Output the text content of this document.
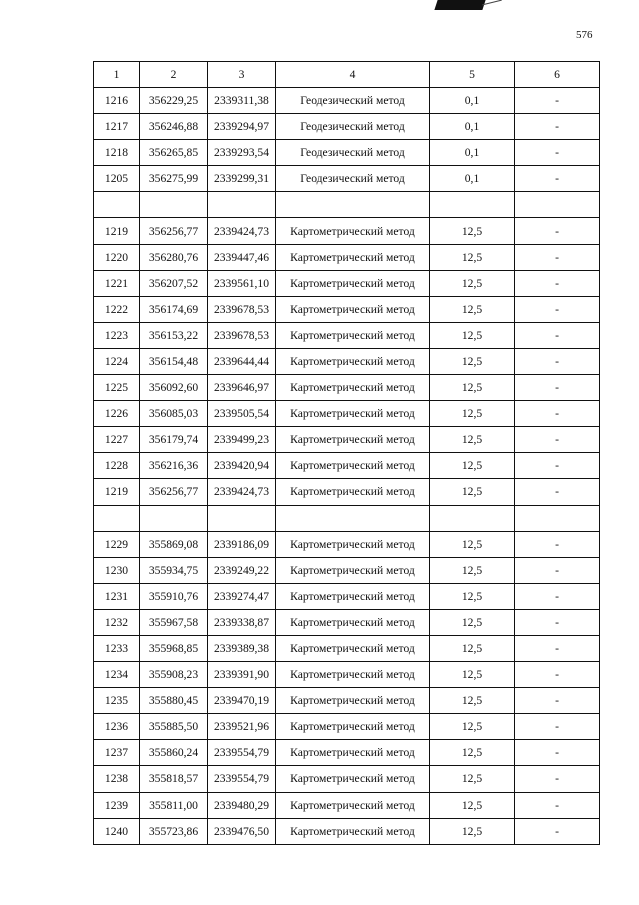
576
1	2	3	4	5	6
1216	356229,25	2339311,38	Геодезический метод	0,1	-
1217	356246,88	2339294,97	Геодезический метод	0,1	-
1218	356265,85	2339293,54	Геодезический метод	0,1	-
1205	356275,99	2339299,31	Геодезический метод	0,1	-

1219	356256,77	2339424,73	Картометрический метод	12,5	-
1220	356280,76	2339447,46	Картометрический метод	12,5	-
1221	356207,52	2339561,10	Картометрический метод	12,5	-
1222	356174,69	2339678,53	Картометрический метод	12,5	-
1223	356153,22	2339678,53	Картометрический метод	12,5	-
1224	356154,48	2339644,44	Картометрический метод	12,5	-
1225	356092,60	2339646,97	Картометрический метод	12,5	-
1226	356085,03	2339505,54	Картометрический метод	12,5	-
1227	356179,74	2339499,23	Картометрический метод	12,5	-
1228	356216,36	2339420,94	Картометрический метод	12,5	-
1219	356256,77	2339424,73	Картометрический метод	12,5	-

1229	355869,08	2339186,09	Картометрический метод	12,5	-
1230	355934,75	2339249,22	Картометрический метод	12,5	-
1231	355910,76	2339274,47	Картометрический метод	12,5	-
1232	355967,58	2339338,87	Картометрический метод	12,5	-
1233	355968,85	2339389,38	Картометрический метод	12,5	-
1234	355908,23	2339391,90	Картометрический метод	12,5	-
1235	355880,45	2339470,19	Картометрический метод	12,5	-
1236	355885,50	2339521,96	Картометрический метод	12,5	-
1237	355860,24	2339554,79	Картометрический метод	12,5	-
1238	355818,57	2339554,79	Картометрический метод	12,5	-
1239	355811,00	2339480,29	Картометрический метод	12,5	-
1240	355723,86	2339476,50	Картометрический метод	12,5	-
